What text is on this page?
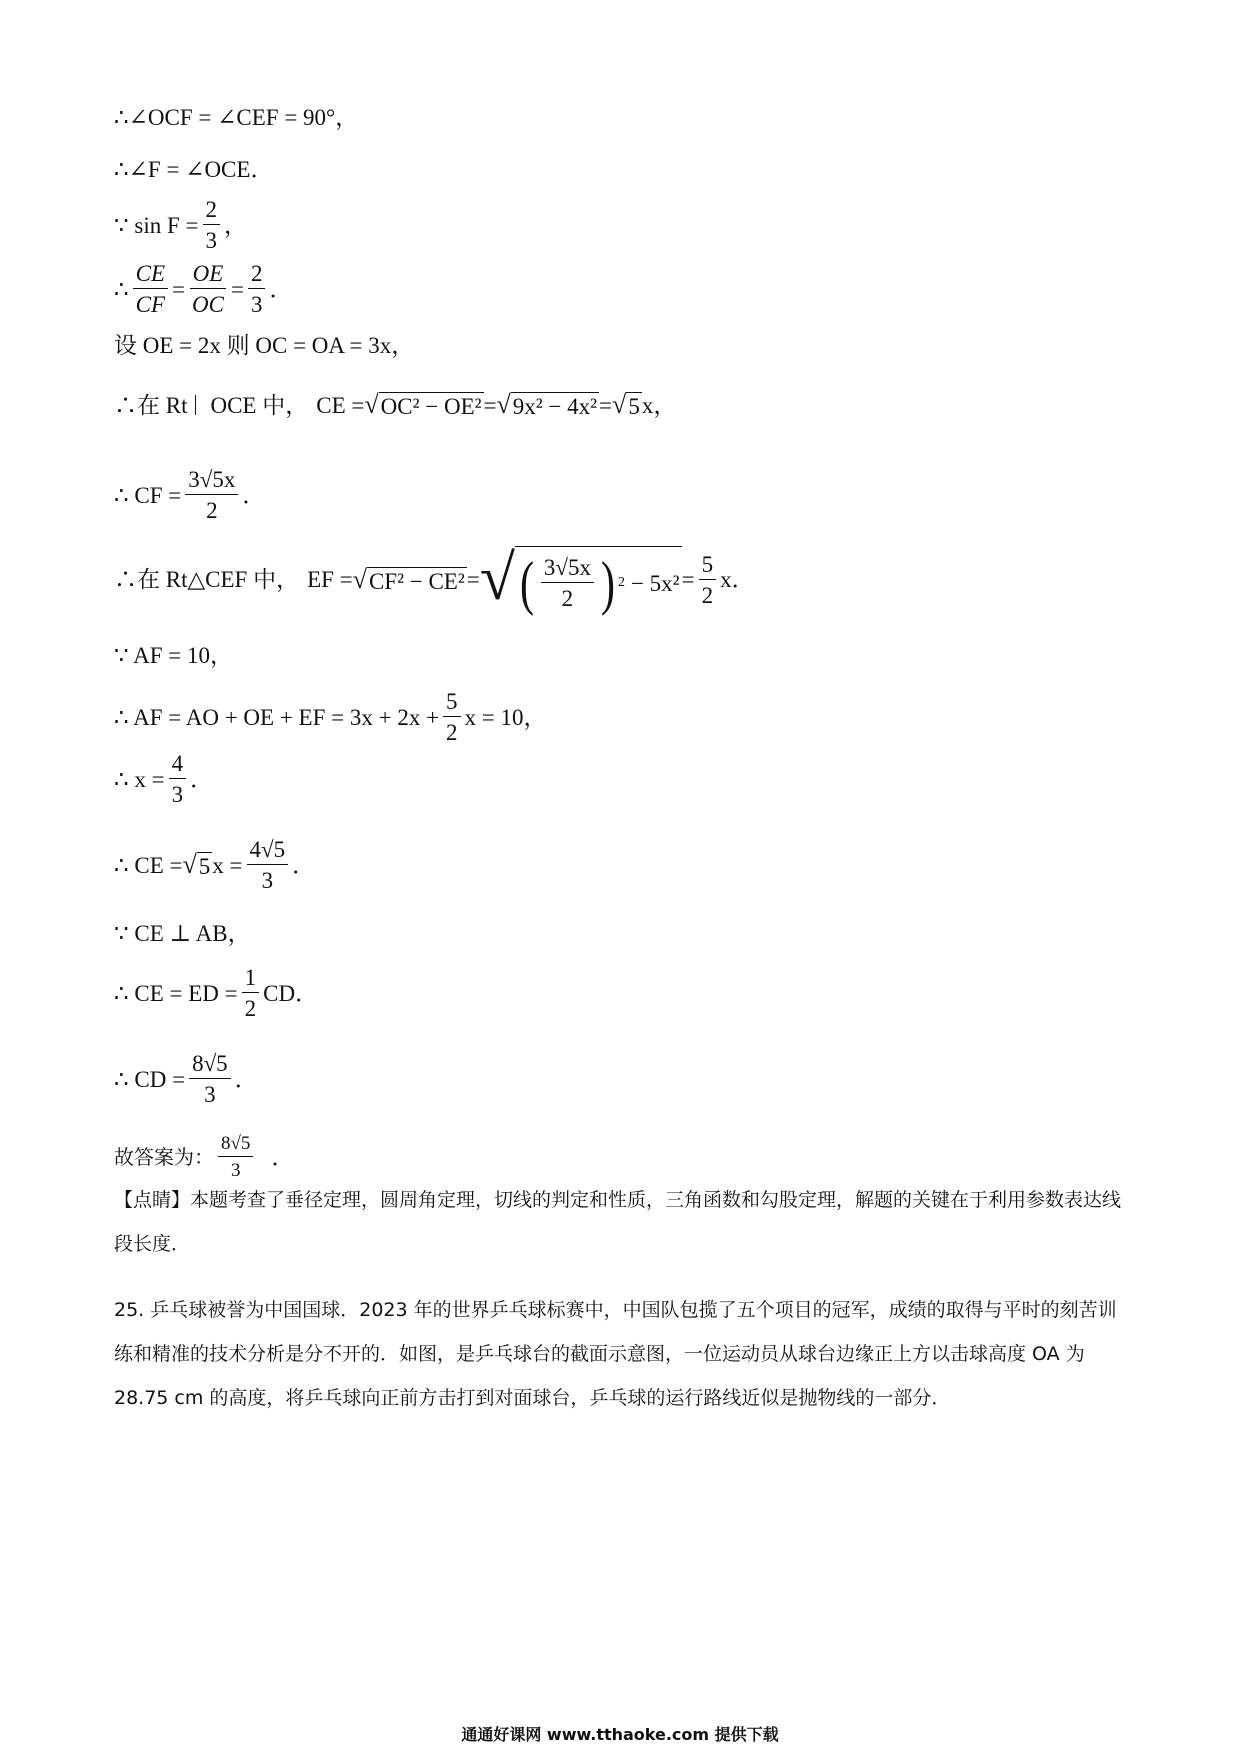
∴∠OCF = ∠CEF = 90°，
∴∠F = ∠OCE．
∵ $\sin F = \frac{2}{3}$ ，
∴ $\frac{CE}{CF} = \frac{OE}{OC} = \frac{2}{3}$ ．
设 OE = 2x 则 OC = OA = 3x，
∴在 Rt OCE 中， CE = √ OC² − OE² = √ 9x² − 4x² = √ 5 x，
∴ CF = $\frac{3√5x}{2}$ ．
∴在 Rt△CEF 中， EF = √ CF² − CE² = √ ( 3√5x
2 ) $2 - 5x^2 = \frac{5}{2}$ x．
∵ AF = 10，
∴ AF = AO + OE + EF = $3x + 2x + \frac{5}{2}$ x = 10，
∴ $x = \frac{4}{3}$ ．
∴ CE = √ 5 $x = \frac{4√5}{3}$ ．
∵ CE ⊥ AB，
∴ CE = ED = $\frac{1}{2}$ CD．
∴ CD = $\frac{8√5}{3}$ ．
故答案为：
8√5
3
．
【点睛】本题考查了垂径定理，圆周角定理，切线的判定和性质，三角函数和勾股定理，解题的关键在于利用参数表达线段长度．
25. 乒乓球被誉为中国国球．2023 年的世界乒乓球标赛中，中国队包揽了五个项目的冠军，成绩的取得与平时的刻苦训练和精准的技术分析是分不开的．如图，是乒乓球台的截面示意图，一位运动员从球台边缘正上方以击球高度 OA 为 28.75 cm 的高度，将乒乓球向正前方击打到对面球台，乒乓球的运行路线近似是抛物线的一部分．
通通好课网 www.tthaoke.com 提供下载
